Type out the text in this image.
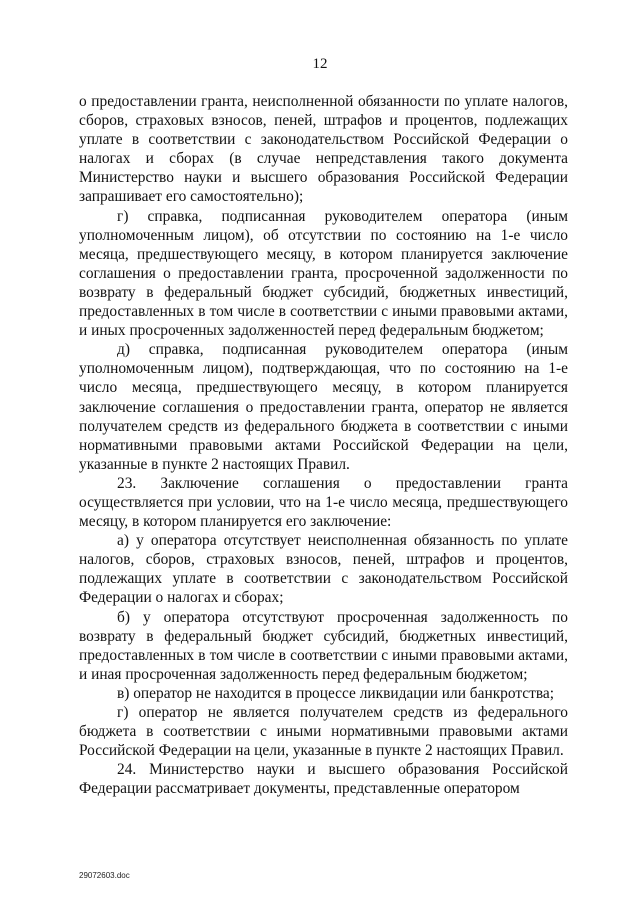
12

о предоставлении гранта, неисполненной обязанности по уплате налогов, сборов, страховых взносов, пеней, штрафов и процентов, подлежащих уплате в соответствии с законодательством Российской Федерации о налогах и сборах (в случае непредставления такого документа Министерство науки и высшего образования Российской Федерации запрашивает его самостоятельно);

г) справка, подписанная руководителем оператора (иным уполномоченным лицом), об отсутствии по состоянию на 1-е число месяца, предшествующего месяцу, в котором планируется заключение соглашения о предоставлении гранта, просроченной задолженности по возврату в федеральный бюджет субсидий, бюджетных инвестиций, предоставленных в том числе в соответствии с иными правовыми актами, и иных просроченных задолженностей перед федеральным бюджетом;

д) справка, подписанная руководителем оператора (иным уполномоченным лицом), подтверждающая, что по состоянию на 1-е число месяца, предшествующего месяцу, в котором планируется заключение соглашения о предоставлении гранта, оператор не является получателем средств из федерального бюджета в соответствии с иными нормативными правовыми актами Российской Федерации на цели, указанные в пункте 2 настоящих Правил.

23. Заключение соглашения о предоставлении гранта осуществляется при условии, что на 1-е число месяца, предшествующего месяцу, в котором планируется его заключение:

а) у оператора отсутствует неисполненная обязанность по уплате налогов, сборов, страховых взносов, пеней, штрафов и процентов, подлежащих уплате в соответствии с законодательством Российской Федерации о налогах и сборах;

б) у оператора отсутствуют просроченная задолженность по возврату в федеральный бюджет субсидий, бюджетных инвестиций, предоставленных в том числе в соответствии с иными правовыми актами, и иная просроченная задолженность перед федеральным бюджетом;

в) оператор не находится в процессе ликвидации или банкротства;

г) оператор не является получателем средств из федерального бюджета в соответствии с иными нормативными правовыми актами Российской Федерации на цели, указанные в пункте 2 настоящих Правил.

24. Министерство науки и высшего образования Российской Федерации рассматривает документы, представленные оператором

29072603.doc
